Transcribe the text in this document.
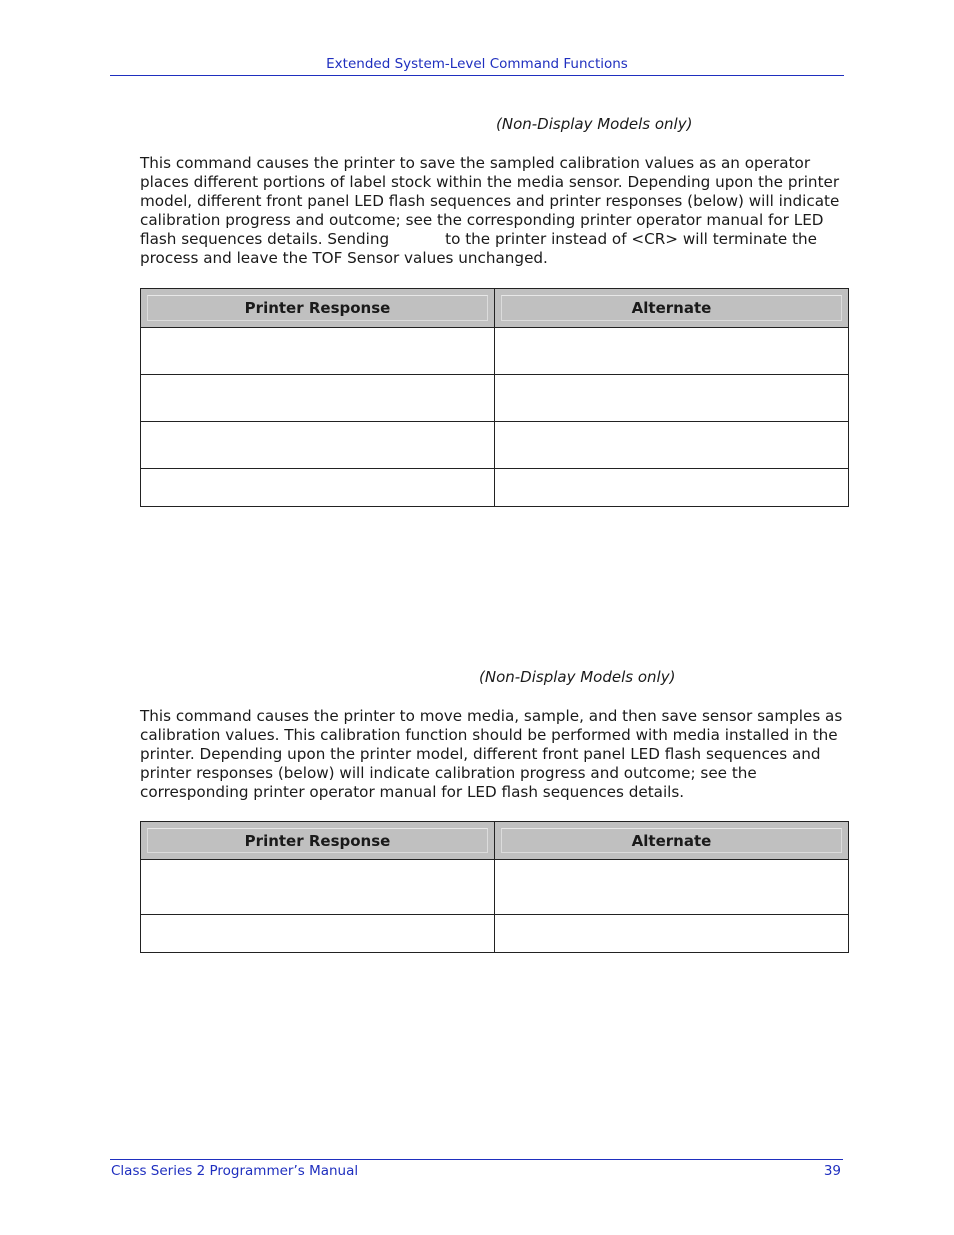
Extended System-Level Command Functions
(Non-Display Models only)

This command causes the printer to save the sampled calibration values as an operator places different portions of label stock within the media sensor. Depending upon the printer model, different front panel LED flash sequences and printer responses (below) will indicate calibration progress and outcome; see the corresponding printer operator manual for LED flash sequences details. Sending	to the printer instead of <CR> will terminate the process and leave the TOF Sensor values unchanged.

Printer Response	Alternate

(Non-Display Models only)

This command causes the printer to move media, sample, and then save sensor samples as calibration values. This calibration function should be performed with media installed in the printer. Depending upon the printer model, different front panel LED flash sequences and printer responses (below) will indicate calibration progress and outcome; see the corresponding printer operator manual for LED flash sequences details.

Printer Response	Alternate

Class Series 2 Programmer’s Manual	39
